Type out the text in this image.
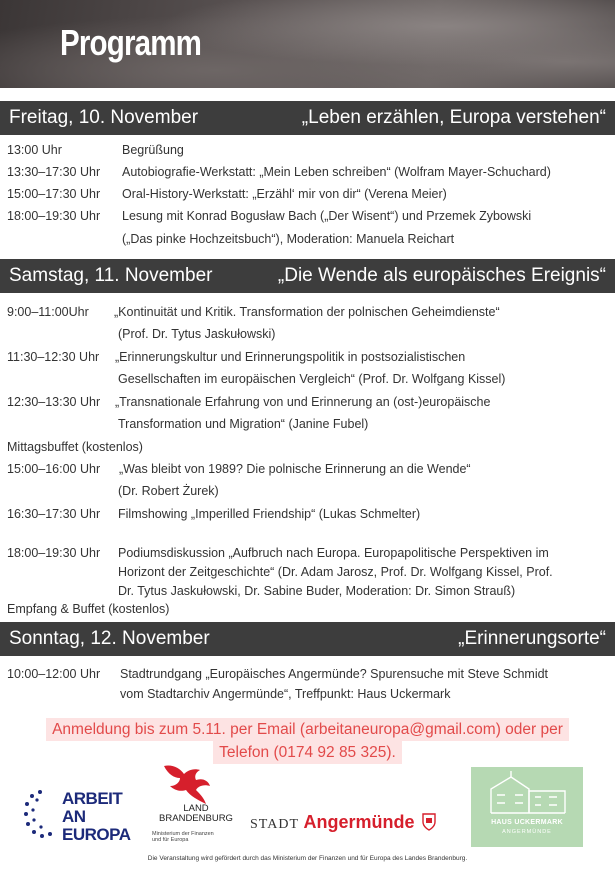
Programm
Freitag, 10. November	„Leben erzählen, Europa verstehen“
13:00 Uhr	Begrüßung
13:30–17:30 Uhr Autobiografie-Werkstatt: „Mein Leben schreiben“ (Wolfram Mayer-Schuchard)
15:00–17:30 Uhr Oral-History-Werkstatt: „Erzähl‘ mir von dir“ (Verena Meier)
18:00–19:30 Uhr Lesung mit Konrad Bogusław Bach („Der Wisent“) und Przemek Zybowski
(„Das pinke Hochzeitsbuch“), Moderation: Manuela Reichart
Samstag, 11. November	„Die Wende als europäisches Ereignis“
9:00–11:00Uhr „Kontinuität und Kritik. Transformation der polnischen Geheimdienste“
(Prof. Dr. Tytus Jaskułowski)
11:30–12:30 Uhr „Erinnerungskultur und Erinnerungspolitik in postsozialistischen
Gesellschaften im europäischen Vergleich“ (Prof. Dr. Wolfgang Kissel)
12:30–13:30 Uhr „Transnationale Erfahrung von und Erinnerung an (ost-)europäische
Transformation und Migration“ (Janine Fubel)
Mittagsbuffet (kostenlos)
15:00–16:00 Uhr „Was bleibt von 1989? Die polnische Erinnerung an die Wende“
(Dr. Robert Żurek)
16:30–17:30 Uhr Filmshowing „Imperilled Friendship“ (Lukas Schmelter)
18:00–19:30 Uhr Podiumsdiskussion „Aufbruch nach Europa. Europapolitische Perspektiven im
Horizont der Zeitgeschichte“ (Dr. Adam Jarosz, Prof. Dr. Wolfgang Kissel, Prof.
Dr. Tytus Jaskułowski, Dr. Sabine Buder, Moderation: Dr. Simon Strauß)
Empfang & Buffet (kostenlos)
Sonntag, 12. November	„Erinnerungsorte“
10:00–12:00 Uhr Stadtrundgang „Europäisches Angermünde? Spurensuche mit Steve Schmidt
vom Stadtarchiv Angermünde“, Treffpunkt: Haus Uckermark
Anmeldung bis zum 5.11. per Email (arbeitaneuropa@gmail.com) oder per
Telefon (0174 92 85 325).
ARBEIT
AN
EUROPA
LAND
BRANDENBURG
Ministerium der Finanzen
und für Europa
STADT Angermünde	HAUS UCKERMARK
ANGERMÜNDE
Die Veranstaltung wird gefördert durch das Ministerium der Finanzen und für Europa des Landes Brandenburg.
